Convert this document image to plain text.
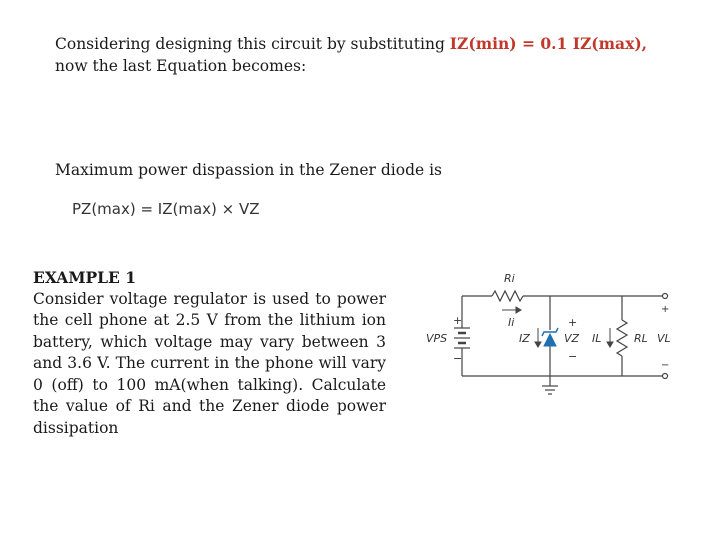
Considering designing this circuit by substituting IZ(min) = 0.1 IZ(max),
now the last Equation becomes:
Maximum power dispassion in the Zener diode is
PZ(max) = IZ(max) × VZ
EXAMPLE 1
Consider voltage regulator is used to power the cell phone at 2.5 V from the lithium ion battery, which voltage may vary between 3 and 3.6 V. The current in the phone will vary 0 (off) to 100 mA(when talking). Calculate the value of Ri and the Zener diode power dissipation
Ri
Ii
VPS
+
−
IZ
+
VZ
−
IL	RL VL
+
−
